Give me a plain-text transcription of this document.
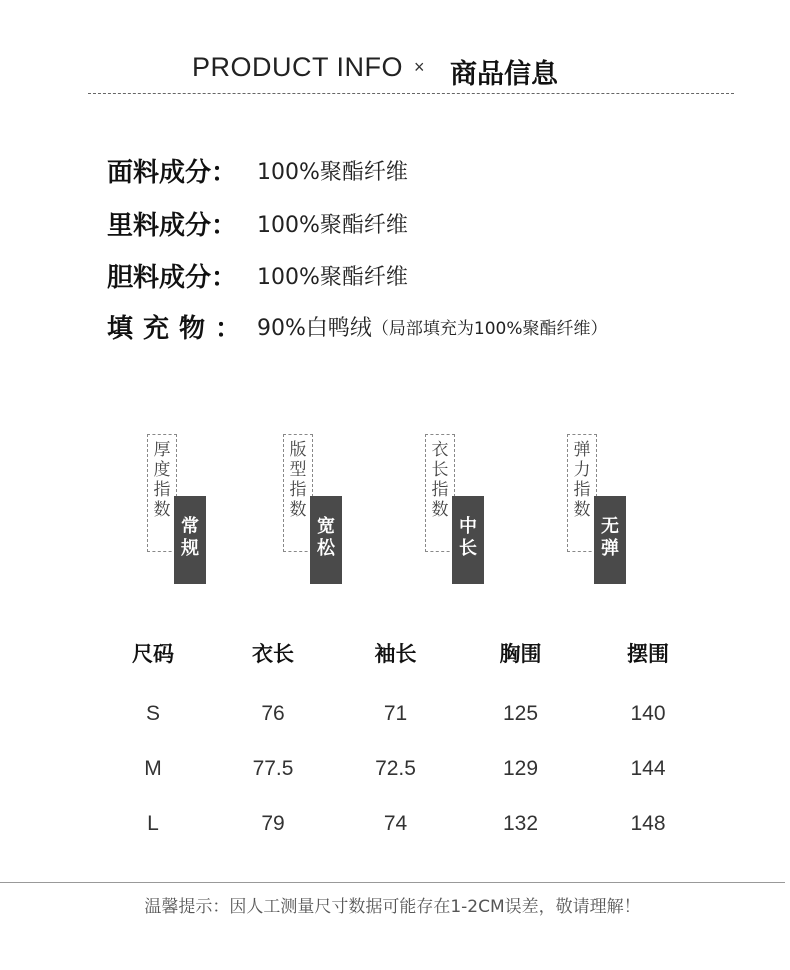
PRODUCT INFO × 商品信息
面料成分： 100%聚酯纤维
里料成分： 100%聚酯纤维
胆料成分： 100%聚酯纤维
填充物： 90%白鸭绒 （局部填充为100%聚酯纤维）
厚度指数
常规
版型指数
宽松
衣长指数
中长
弹力指数
无弹
尺码	衣长	袖长	胸围	摆围
S	76	71	125	140
M	77.5	72.5	129	144
L	79	74	132	148
温馨提示：因人工测量尺寸数据可能存在1-2CM误差，敬请理解！
